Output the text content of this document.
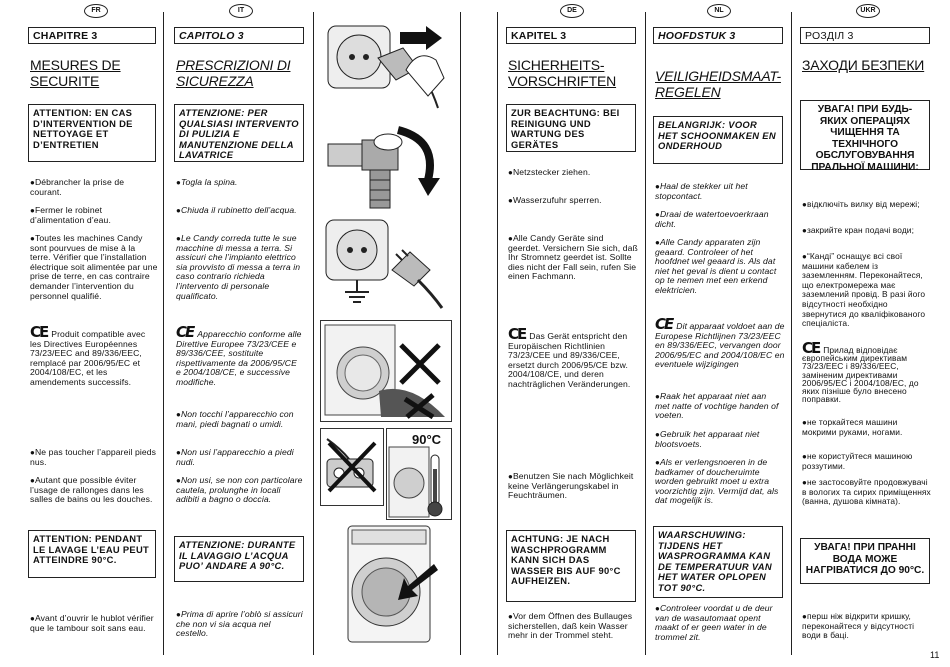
FR	IT	DE	NL	UKR
CHAPITRE 3
MESURES DE SECURITE
ATTENTION: EN CAS D’INTERVENTION DE NETTOYAGE ET D’ENTRETIEN
● Débrancher la prise de courant.
● Fermer le robinet d’alimentation d’eau.
● Toutes les machines Candy sont pourvues de mise à la terre. Vérifier que l’installation électrique soit alimentée par une prise de terre, en cas contraire demander l’intervention du personnel qualifié.
CE Produit compatible avec les Directives Européennes 73/23/EEC and 89/336/EEC, remplacé par 2006/95/EC et 2004/108/EC, et les amendements successifs.
● Ne pas toucher l’appareil pieds nus.
● Autant que possible éviter l’usage de rallonges dans les salles de bains ou les douches.
ATTENTION: PENDANT LE LAVAGE L’EAU PEUT ATTEINDRE 90°C.
● Avant d’ouvrir le hublot vérifier que le tambour soit sans eau.
CAPITOLO 3
PRESCRIZIONI DI SICUREZZA
ATTENZIONE: PER QUALSIASI INTERVENTO DI PULIZIA E MANUTENZIONE DELLA LAVATRICE
● Togla la spina.
● Chiuda il rubinetto dell’acqua.
● Le Candy correda tutte le sue macchine di messa a terra. Si assicuri che l’impianto elettrico sia provvisto di messa a terra in caso contrario richieda l’intervento di personale qualificato.
CE Apparecchio conforme alle Direttive Europee 73/23/CEE e 89/336/CEE, sostituite rispettivamente da 2006/95/CE e 2004/108/CE, e successive modifiche.
● Non tocchi l’apparecchio con mani, piedi bagnati o umidi.
● Non usi l’apparecchio a piedi nudi.
● Non usi, se non con particolare cautela, prolunghe in locali adibiti a bagno o doccia.
ATTENZIONE: DURANTE IL LAVAGGIO L’ACQUA PUO’ ANDARE A 90°C.
● Prima di aprire l’oblò si assicuri che non vi sia acqua nel cestello.
90°C
KAPITEL 3
SICHERHEITS-VORSCHRIFTEN
ZUR BEACHTUNG: BEI REINIGUNG UND WARTUNG DES GERÄTES
● Netzstecker ziehen.
● Wasserzufuhr sperren.
● Alle Candy Geräte sind geerdet. Versichern Sie sich, daß Ihr Stromnetz geerdet ist. Sollte dies nicht der Fall sein, rufen Sie einen Fachmann.
CE Das Gerät entspricht den Europäischen Richtlinien 73/23/CEE und 89/336/CEE, ersetzt durch 2006/95/CE bzw. 2004/108/CE, und deren nachträglichen Veränderungen.
● Benutzen Sie nach Möglichkeit keine Verlängerungskabel in Feuchträumen.
ACHTUNG: JE NACH WASCHPROGRAMM KANN SICH DAS WASSER BIS AUF 90°C AUFHEIZEN.
● Vor dem Öffnen des Bullauges sicherstellen, daß kein Wasser mehr in der Trommel steht.
HOOFDSTUK 3
VEILIGHEIDSMAAT-REGELEN
BELANGRIJK: VOOR HET SCHOONMAKEN EN ONDERHOUD
● Haal de stekker uit het stopcontact.
● Draai de watertoevoerkraan dicht.
● Alle Candy apparaten zijn geaard. Controleer of het hoofdnet wel geaard is. Als dat niet het geval is dient u contact op te nemen met een erkend elektricien.
CE Dit apparaat voldoet aan de Europese Richtlijnen 73/23/EEC en 89/336/EEC, vervangen door 2006/95/EC and 2004/108/EC en eventuele wijzigingen
● Raak het apparaat niet aan met natte of vochtige handen of voeten.
● Gebruik het apparaat niet blootsvoets.
● Als er verlengsnoeren in de badkamer of doucheruimte worden gebruikt moet u extra voorzichtig zijn. Vermijd dat, als dat mogelijk is.
WAARSCHUWING: TIJDENS HET WASPROGRAMMA KAN DE TEMPERATUUR VAN HET WATER OPLOPEN TOT 90°C.
● Controleer voordat u de deur van de wasautomaat opent maakt of er geen water in de trommel zit.
РОЗДІЛ 3
ЗАХОДИ БЕЗПЕКИ
УВАГА! ПРИ БУДЬ-ЯКИХ ОПЕРАЦІЯХ ЧИЩЕННЯ ТА ТЕХНІЧНОГО ОБСЛУГОВУВАННЯ ПРАЛЬНОЇ МАШИНИ:
● відключіть вилку від мережі;
● закрийте кран подачі води;
● “Канді” оснащує всі свої машини кабелем із заземленням. Переконайтеся, що електромережа має заземлений провід. В разі його відсутності необхідно звернутися до кваліфікованого спеціаліста.
CE Прилад відповідає європейським директивам 73/23/EEC і 89/336/EEC, заміненим директивами 2006/95/EC і 2004/108/EC, до яких пізніше було внесено поправки.
● не торкайтеся машини мокрими руками, ногами.
● не користуйтеся машиною роззутими.
● не застосовуйте продовжувачі в вологих та сирих приміщеннях (ванна, душова кімната).
УВАГА! ПРИ ПРАННІ ВОДА МОЖЕ НАГРІВАТИСЯ ДО 90°C.
● перш ніж відкрити кришку, переконайтеся у відсутності води в баці.
11
